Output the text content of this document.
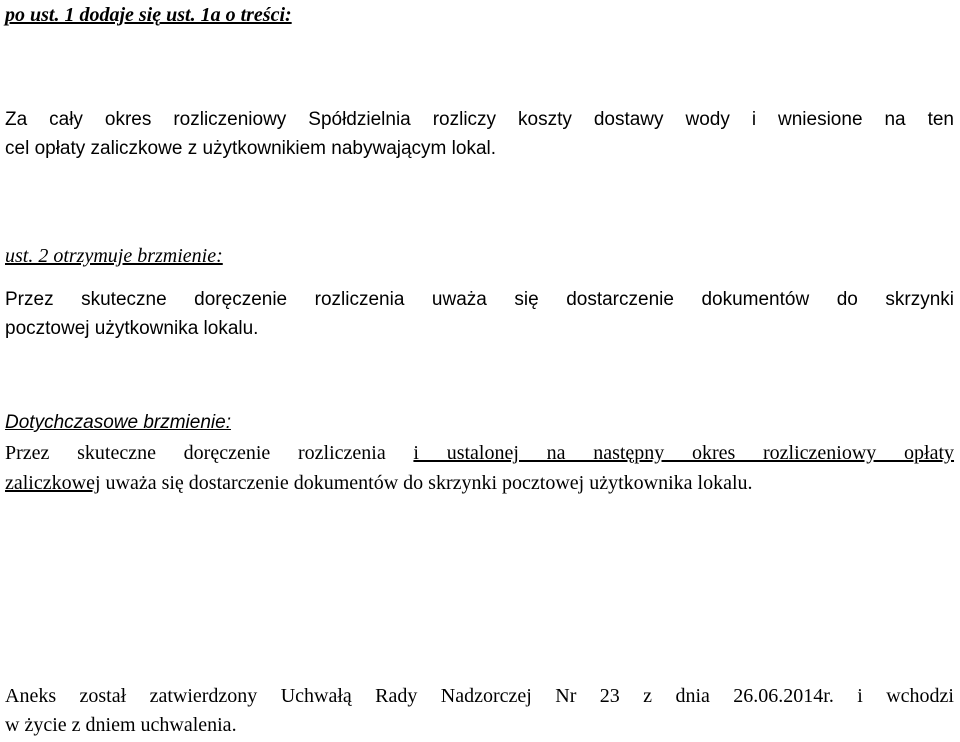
po ust. 1 dodaje się ust. 1a o treści:
Za cały okres rozliczeniowy Spółdzielnia rozliczy koszty dostawy wody i wniesione na ten
cel opłaty zaliczkowe z użytkownikiem nabywającym lokal.
ust. 2 otrzymuje brzmienie:
Przez skuteczne doręczenie rozliczenia uważa się dostarczenie dokumentów do skrzynki
pocztowej użytkownika lokalu.
Dotychczasowe brzmienie:
Przez skuteczne doręczenie rozliczenia i ustalonej na następny okres rozliczeniowy opłaty
zaliczkowej uważa się dostarczenie dokumentów do skrzynki pocztowej użytkownika lokalu.
Aneks został zatwierdzony Uchwałą Rady Nadzorczej Nr 23 z dnia 26.06.2014r. i wchodzi
w życie z dniem uchwalenia.
